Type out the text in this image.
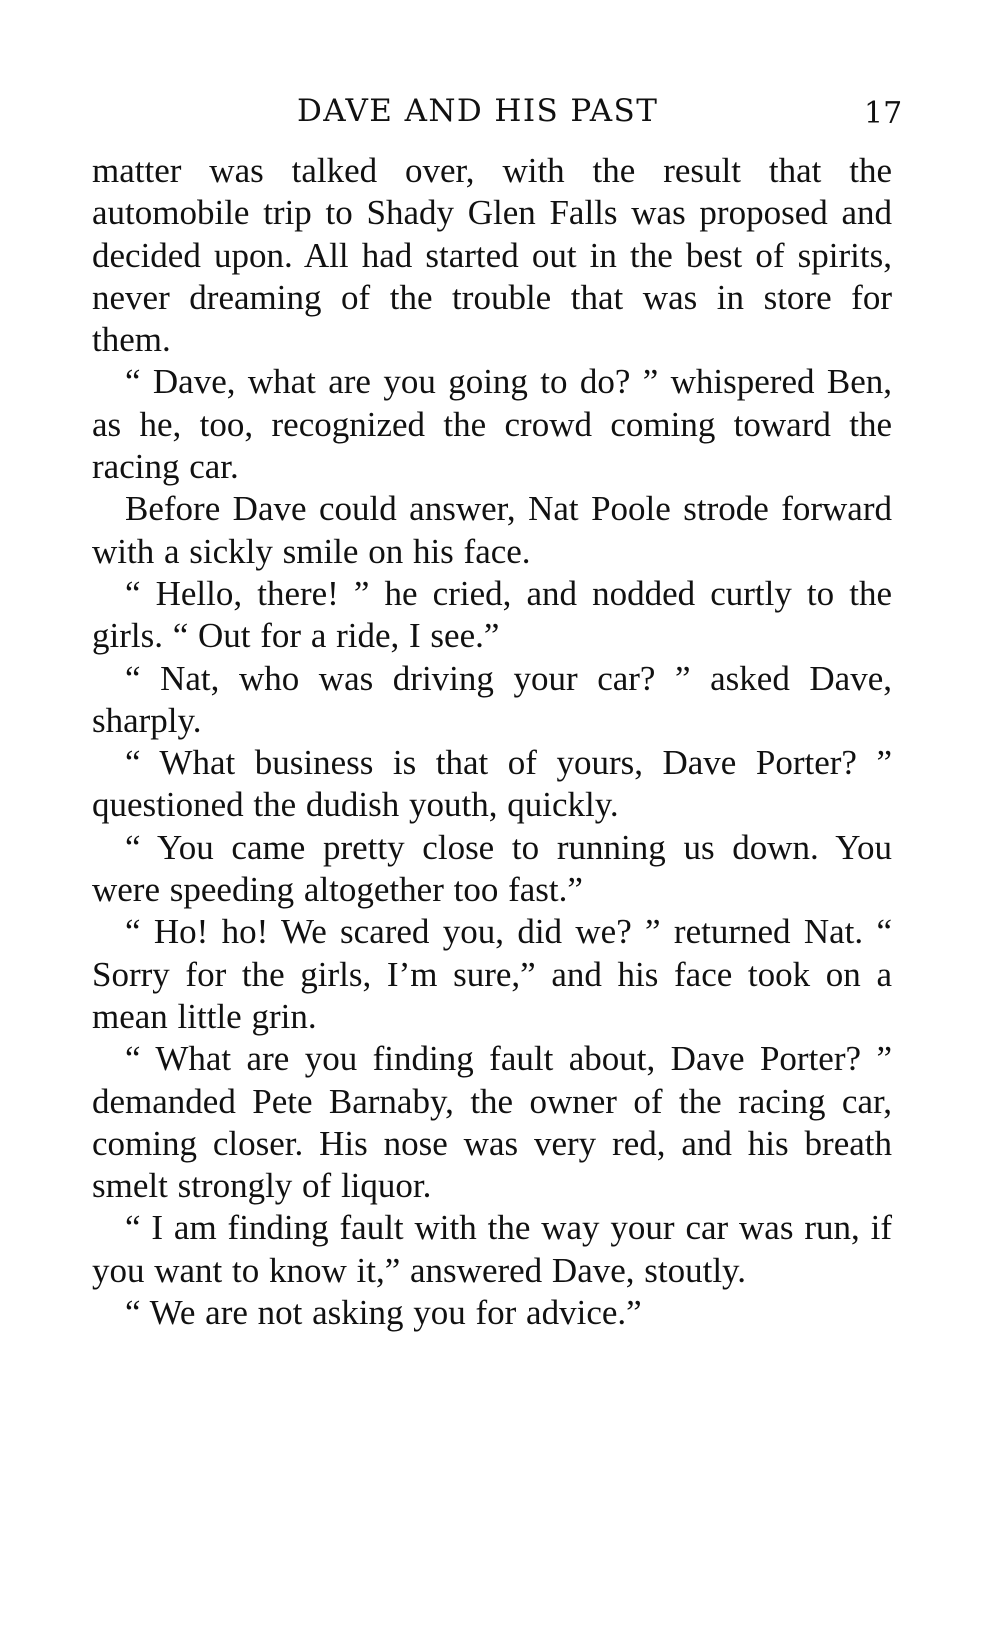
DAVE AND HIS PAST	17

matter was talked over, with the result that the automobile trip to Shady Glen Falls was proposed and decided upon. All had started out in the best of spirits, never dreaming of the trouble that was in store for them.

“ Dave, what are you going to do? ” whispered Ben, as he, too, recognized the crowd coming toward the racing car.

Before Dave could answer, Nat Poole strode forward with a sickly smile on his face.

“ Hello, there! ” he cried, and nodded curtly to the girls. “ Out for a ride, I see.”

“ Nat, who was driving your car? ” asked Dave, sharply.

“ What business is that of yours, Dave Porter? ” questioned the dudish youth, quickly.

“ You came pretty close to running us down. You were speeding altogether too fast.”

“ Ho! ho! We scared you, did we? ” returned Nat. “ Sorry for the girls, I’m sure,” and his face took on a mean little grin.

“ What are you finding fault about, Dave Porter? ” demanded Pete Barnaby, the owner of the racing car, coming closer. His nose was very red, and his breath smelt strongly of liquor.

“ I am finding fault with the way your car was run, if you want to know it,” answered Dave, stoutly.

“ We are not asking you for advice.”
